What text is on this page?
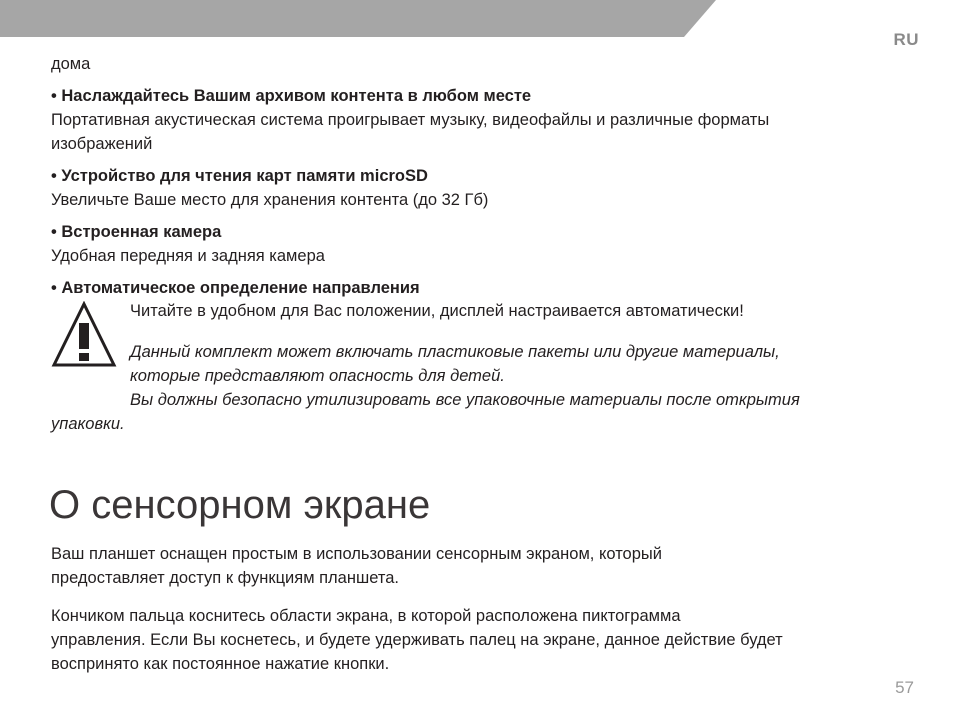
RU
дома
• Наслаждайтесь Вашим архивом контента в любом месте
Портативная акустическая система проигрывает музыку, видеофайлы и различные форматы
изображений
• Устройство для чтения карт памяти microSD
Увеличьте Ваше место для хранения контента (до 32 Гб)
• Встроенная камера
Удобная передняя и задняя камера
• Автоматическое определение направления
Читайте в удобном для Вас положении, дисплей настраивается автоматически!
Данный комплект может включать пластиковые пакеты или другие материалы,
которые представляют опасность для детей.
Вы должны безопасно утилизировать все упаковочные материалы после открытия
упаковки.
О сенсорном экране
Ваш планшет оснащен простым в использовании сенсорным экраном, который
предоставляет доступ к функциям планшета.
Кончиком пальца коснитесь области экрана, в которой расположена пиктограмма
управления. Если Вы коснетесь, и будете удерживать палец на экране, данное действие будет
воспринято как постоянное нажатие кнопки.
57
